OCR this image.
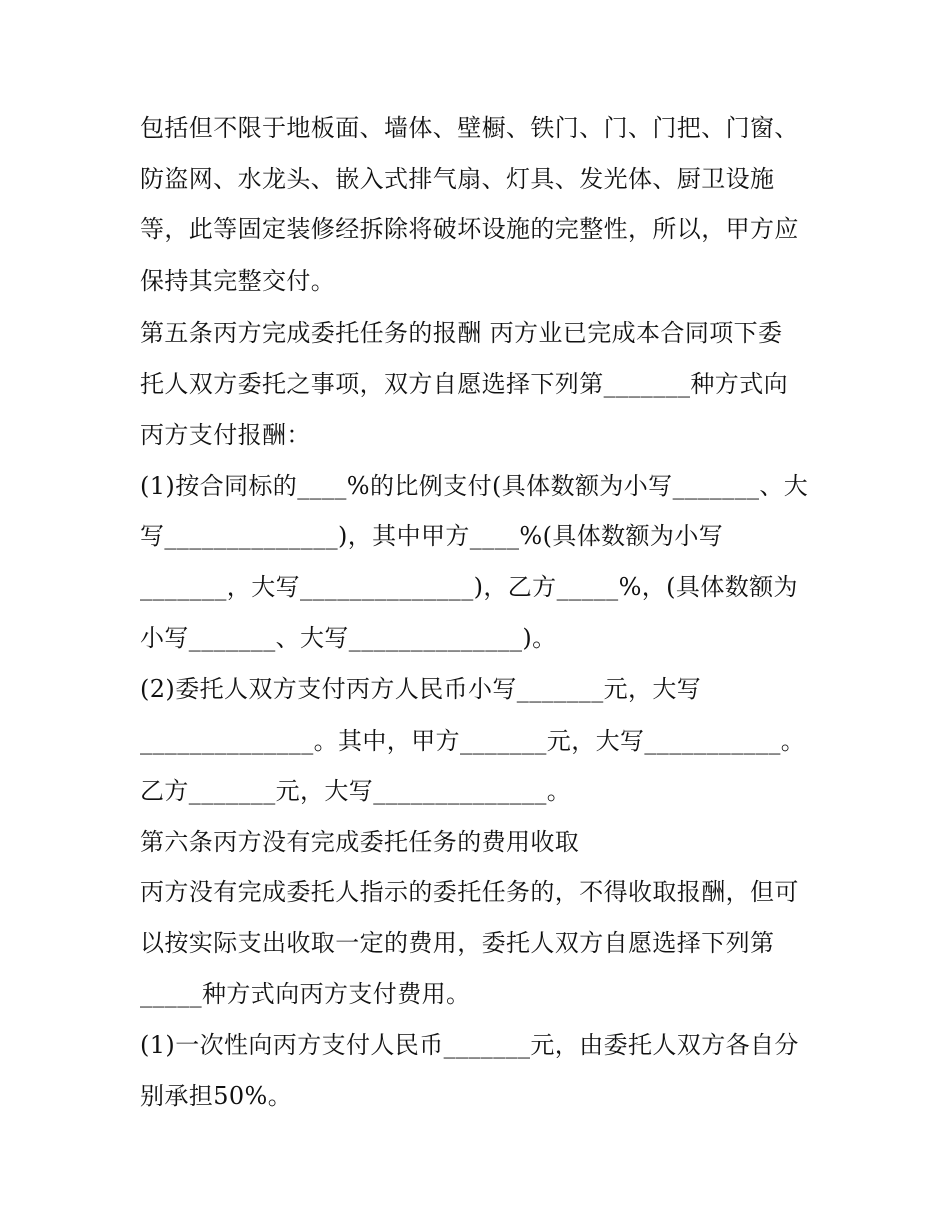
包括但不限于地板面、墙体、壁橱、铁门、门、门把、门窗、
防盗网、水龙头、嵌入式排气扇、灯具、发光体、厨卫设施
等，此等固定装修经拆除将破坏设施的完整性，所以，甲方应
保持其完整交付。
第五条丙方完成委托任务的报酬 丙方业已完成本合同项下委
托人双方委托之事项，双方自愿选择下列第_______种方式向
丙方支付报酬：
(1)按合同标的____%的比例支付(具体数额为小写_______、大
写______________)，其中甲方____%(具体数额为小写
_______，大写______________)，乙方_____%，(具体数额为
小写_______、大写______________)。
(2)委托人双方支付丙方人民币小写_______元，大写
______________。其中，甲方_______元，大写___________。
乙方_______元，大写______________。
第六条丙方没有完成委托任务的费用收取
丙方没有完成委托人指示的委托任务的，不得收取报酬，但可
以按实际支出收取一定的费用，委托人双方自愿选择下列第
_____种方式向丙方支付费用。
(1)一次性向丙方支付人民币_______元，由委托人双方各自分
别承担50%。
